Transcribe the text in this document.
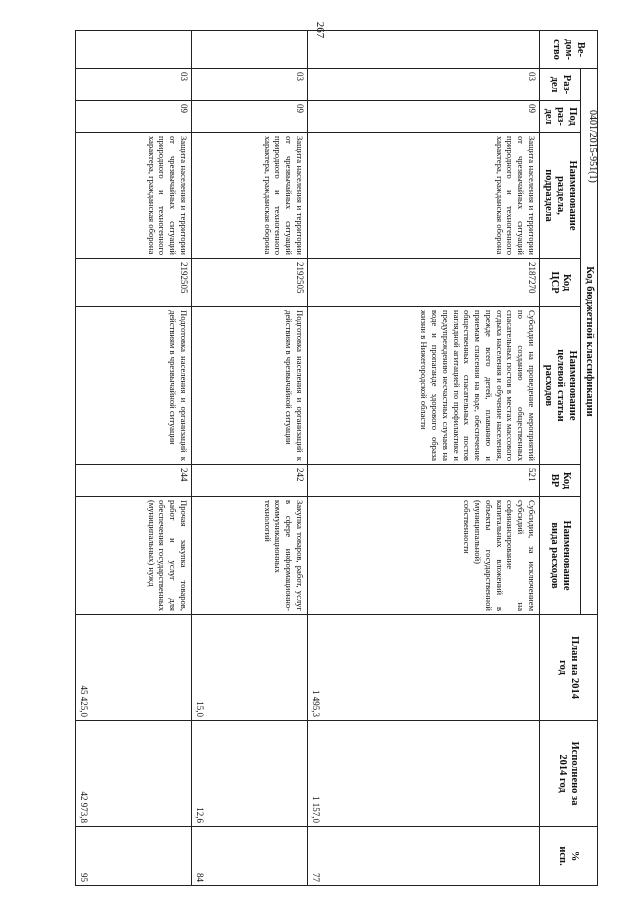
267
0401/2015-951(1)
Ве-
дом-
ство	Код бюджетной классификации							План на 2014
год	Исполнено за
2014 год	%
исп.
	Раз-
дел	Под
раз-
дел	Наименование
раздела,
подраздела	Код
ЦСР	Наименование
целевой статьи
расходов	Код
ВР	Наименование
вида расходов			
	03	09	Защита населения и территории от чрезвычайных ситуаций природного и техногенного характера, гражданская оборона	2187270	Субсидии на проведение мероприятий по созданию общественных спасательных постов в местах массового отдыха населения и обучение населения, прежде всего детей, плаванию и приемам спасения на воде, обеспечение общественных спасательных постов наглядной агитацией по профилактике и предупреждению несчастных случаев на воде и пропаганде здорового образа жизни в Нижегородской области	521	Субсидии, за исключением субсидий на софинансирование капитальных вложений в объекты государственной (муниципальной) собственности	1 495,3	1 157,0	77
	03	09	Защита населения и территории от чрезвычайных ситуаций природного и техногенного характера, гражданская оборона	2192505	Подготовка населения и организаций к действиям в чрезвычайной ситуации	242	Закупка товаров, работ, услуг в сфере информационно-коммуникационных технологий	15,0	12,6	84
	03	09	Защита населения и территории от чрезвычайных ситуаций природного и техногенного характера, гражданская оборона	2192505	Подготовка населения и организаций к действиям в чрезвычайной ситуации	244	Прочая закупка товаров, работ и услуг для обеспечения государственных (муниципальных) нужд	45 425,0	42 973,8	95
